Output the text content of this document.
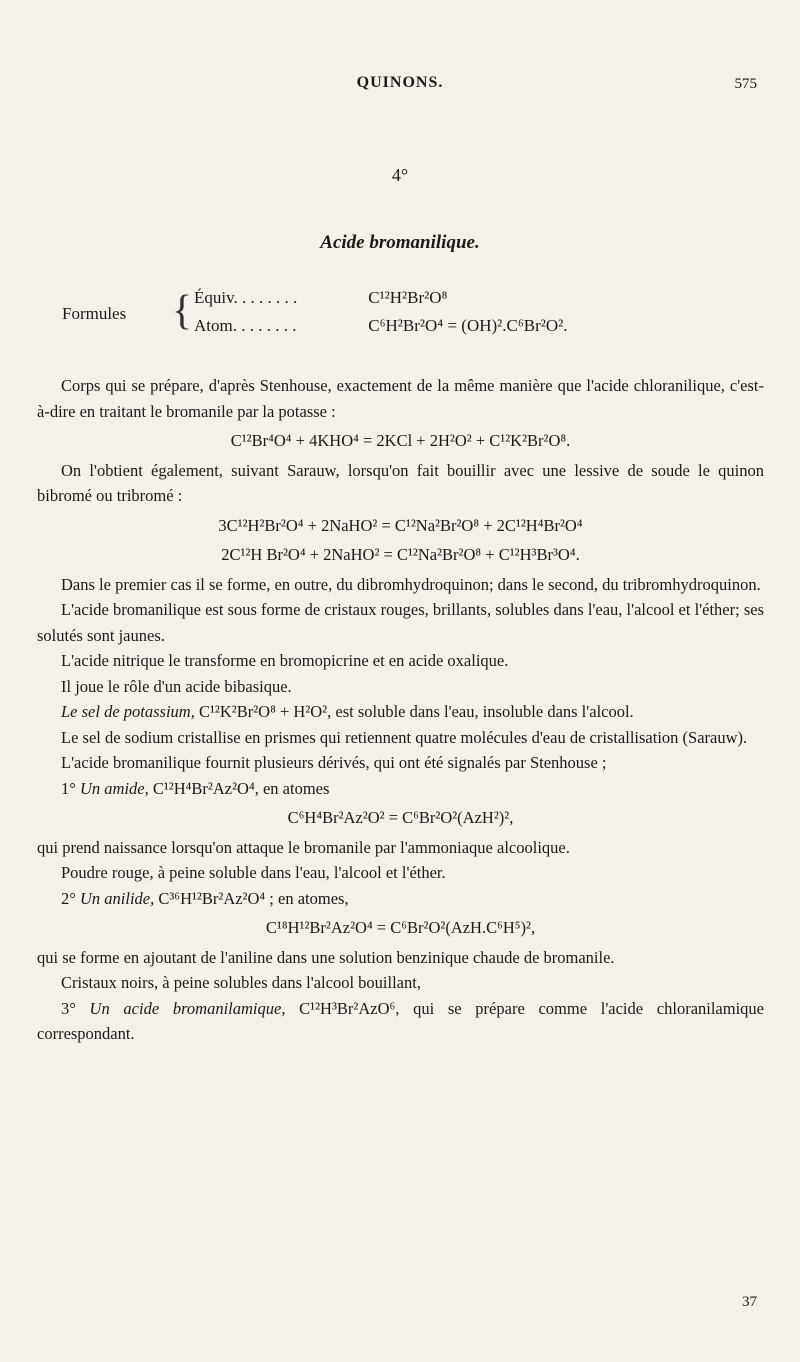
QUINONS.	575
4°
Acide bromanilique.
Formules { Équiv. . . . . . . .	C¹²H²Br²O⁸
Atom. . . . . . . .	C⁶H²Br²O⁴ = (OH)².C⁶Br²O².

Corps qui se prépare, d'après Stenhouse, exactement de la même manière que l'acide chloranilique, c'est-à-dire en traitant le bromanile par la potasse :

C¹²Br⁴O⁴ + 4KHO⁴ = 2KCl + 2H²O² + C¹²K²Br²O⁸.

On l'obtient également, suivant Sarauw, lorsqu'on fait bouillir avec une lessive de soude le quinon bibromé ou tribromé :

3C¹²H²Br²O⁴ + 2NaHO² = C¹²Na²Br²O⁸ + 2C¹²H⁴Br²O⁴

2C¹²H Br²O⁴ + 2NaHO² = C¹²Na²Br²O⁸ + C¹²H³Br³O⁴.

Dans le premier cas il se forme, en outre, du dibromhydroquinon; dans le second, du tribromhydroquinon.

L'acide bromanilique est sous forme de cristaux rouges, brillants, solubles dans l'eau, l'alcool et l'éther; ses solutés sont jaunes.

L'acide nitrique le transforme en bromopicrine et en acide oxalique.

Il joue le rôle d'un acide bibasique.

Le sel de potassium, C¹²K²Br²O⁸ + H²O², est soluble dans l'eau, insoluble dans l'alcool.

Le sel de sodium cristallise en prismes qui retiennent quatre molécules d'eau de cristallisation (Sarauw).

L'acide bromanilique fournit plusieurs dérivés, qui ont été signalés par Stenhouse ;

1° Un amide, C¹²H⁴Br²Az²O⁴, en atomes

C⁶H⁴Br²Az²O² = C⁶Br²O²(AzH²)²,

qui prend naissance lorsqu'on attaque le bromanile par l'ammoniaque alcoolique.

Poudre rouge, à peine soluble dans l'eau, l'alcool et l'éther.

2° Un anilide, C³⁶H¹²Br²Az²O⁴ ; en atomes,

C¹⁸H¹²Br²Az²O⁴ = C⁶Br²O²(AzH.C⁶H⁵)²,

qui se forme en ajoutant de l'aniline dans une solution benzinique chaude de bromanile.

Cristaux noirs, à peine solubles dans l'alcool bouillant,

3° Un acide bromanilamique, C¹²H³Br²AzO⁶, qui se prépare comme l'acide chloranilamique correspondant.

37
